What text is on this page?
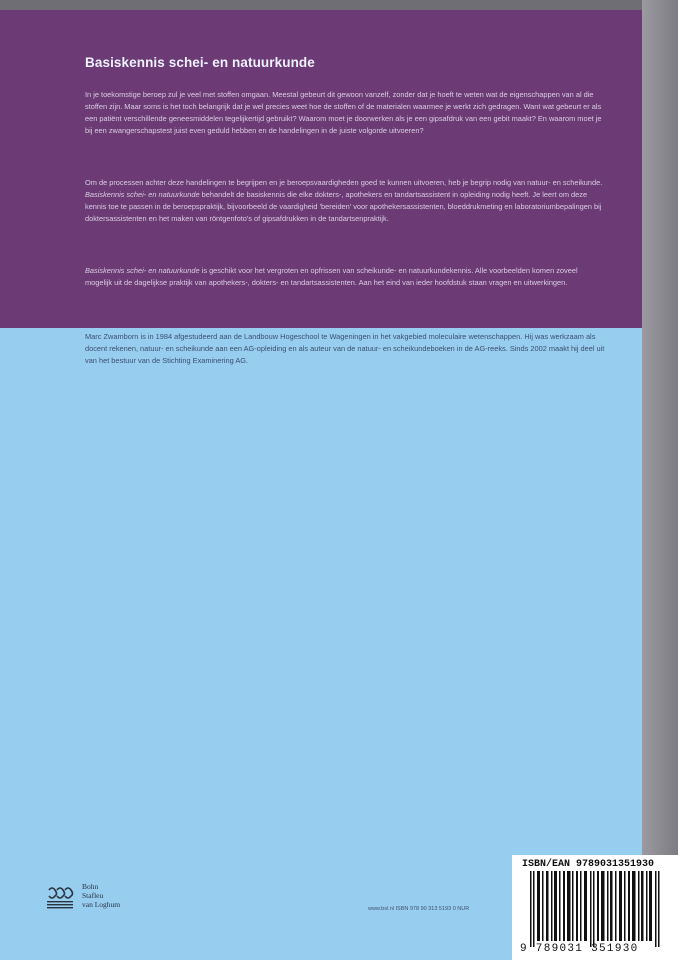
Basiskennis schei- en natuurkunde
In je toekomstige beroep zul je veel met stoffen omgaan. Meestal gebeurt dit gewoon vanzelf, zonder dat je hoeft te weten wat de eigenschappen van al die stoffen zijn. Maar soms is het toch belangrijk dat je wel precies weet hoe de stoffen of de materialen waarmee je werkt zich gedragen. Want wat gebeurt er als een patiënt verschillende geneesmiddelen tegelijkertijd gebruikt? Waarom moet je doorwerken als je een gipsafdruk van een gebit maakt? En waarom moet je bij een zwangerschapstest juist even geduld hebben en de handelingen in de juiste volgorde uitvoeren?
Om de processen achter deze handelingen te begrijpen en je beroepsvaardigheden goed te kunnen uitvoeren, heb je begrip nodig van natuur- en scheikunde. Basiskennis schei- en natuurkunde behandelt de basiskennis die elke dokters-, apothekers en tandartsassistent in opleiding nodig heeft. Je leert om deze kennis toe te passen in de beroepspraktijk, bijvoorbeeld de vaardigheid 'bereiden' voor apothekersassistenten, bloeddrukmeting en laboratoriumbepalingen bij doktersassistenten en het maken van röntgenfoto's of gipsafdrukken in de tandartsenpraktijk.
Basiskennis schei- en natuurkunde is geschikt voor het vergroten en opfrissen van scheikunde- en natuurkundekennis. Alle voorbeelden komen zoveel mogelijk uit de dagelijkse praktijk van apothekers-, dokters- en tandartsassistenten. Aan het eind van ieder hoofdstuk staan vragen en uitwerkingen.
Marc Zwamborn is in 1984 afgestudeerd aan de Landbouw Hogeschool te Wageningen in het vakgebied moleculaire wetenschappen. Hij was werkzaam als docent rekenen, natuur- en scheikunde aan een AG-opleiding en als auteur van de natuur- en scheikundeboeken in de AG-reeks. Sinds 2002 maakt hij deel uit van het bestuur van de Stichting Examinering AG.
Bohn
Stafleu
van Loghum	www.bsl.nl ISBN 978 90 313 5193 0 NUR
ISBN/EAN 9789031351930
9 789031 351930
